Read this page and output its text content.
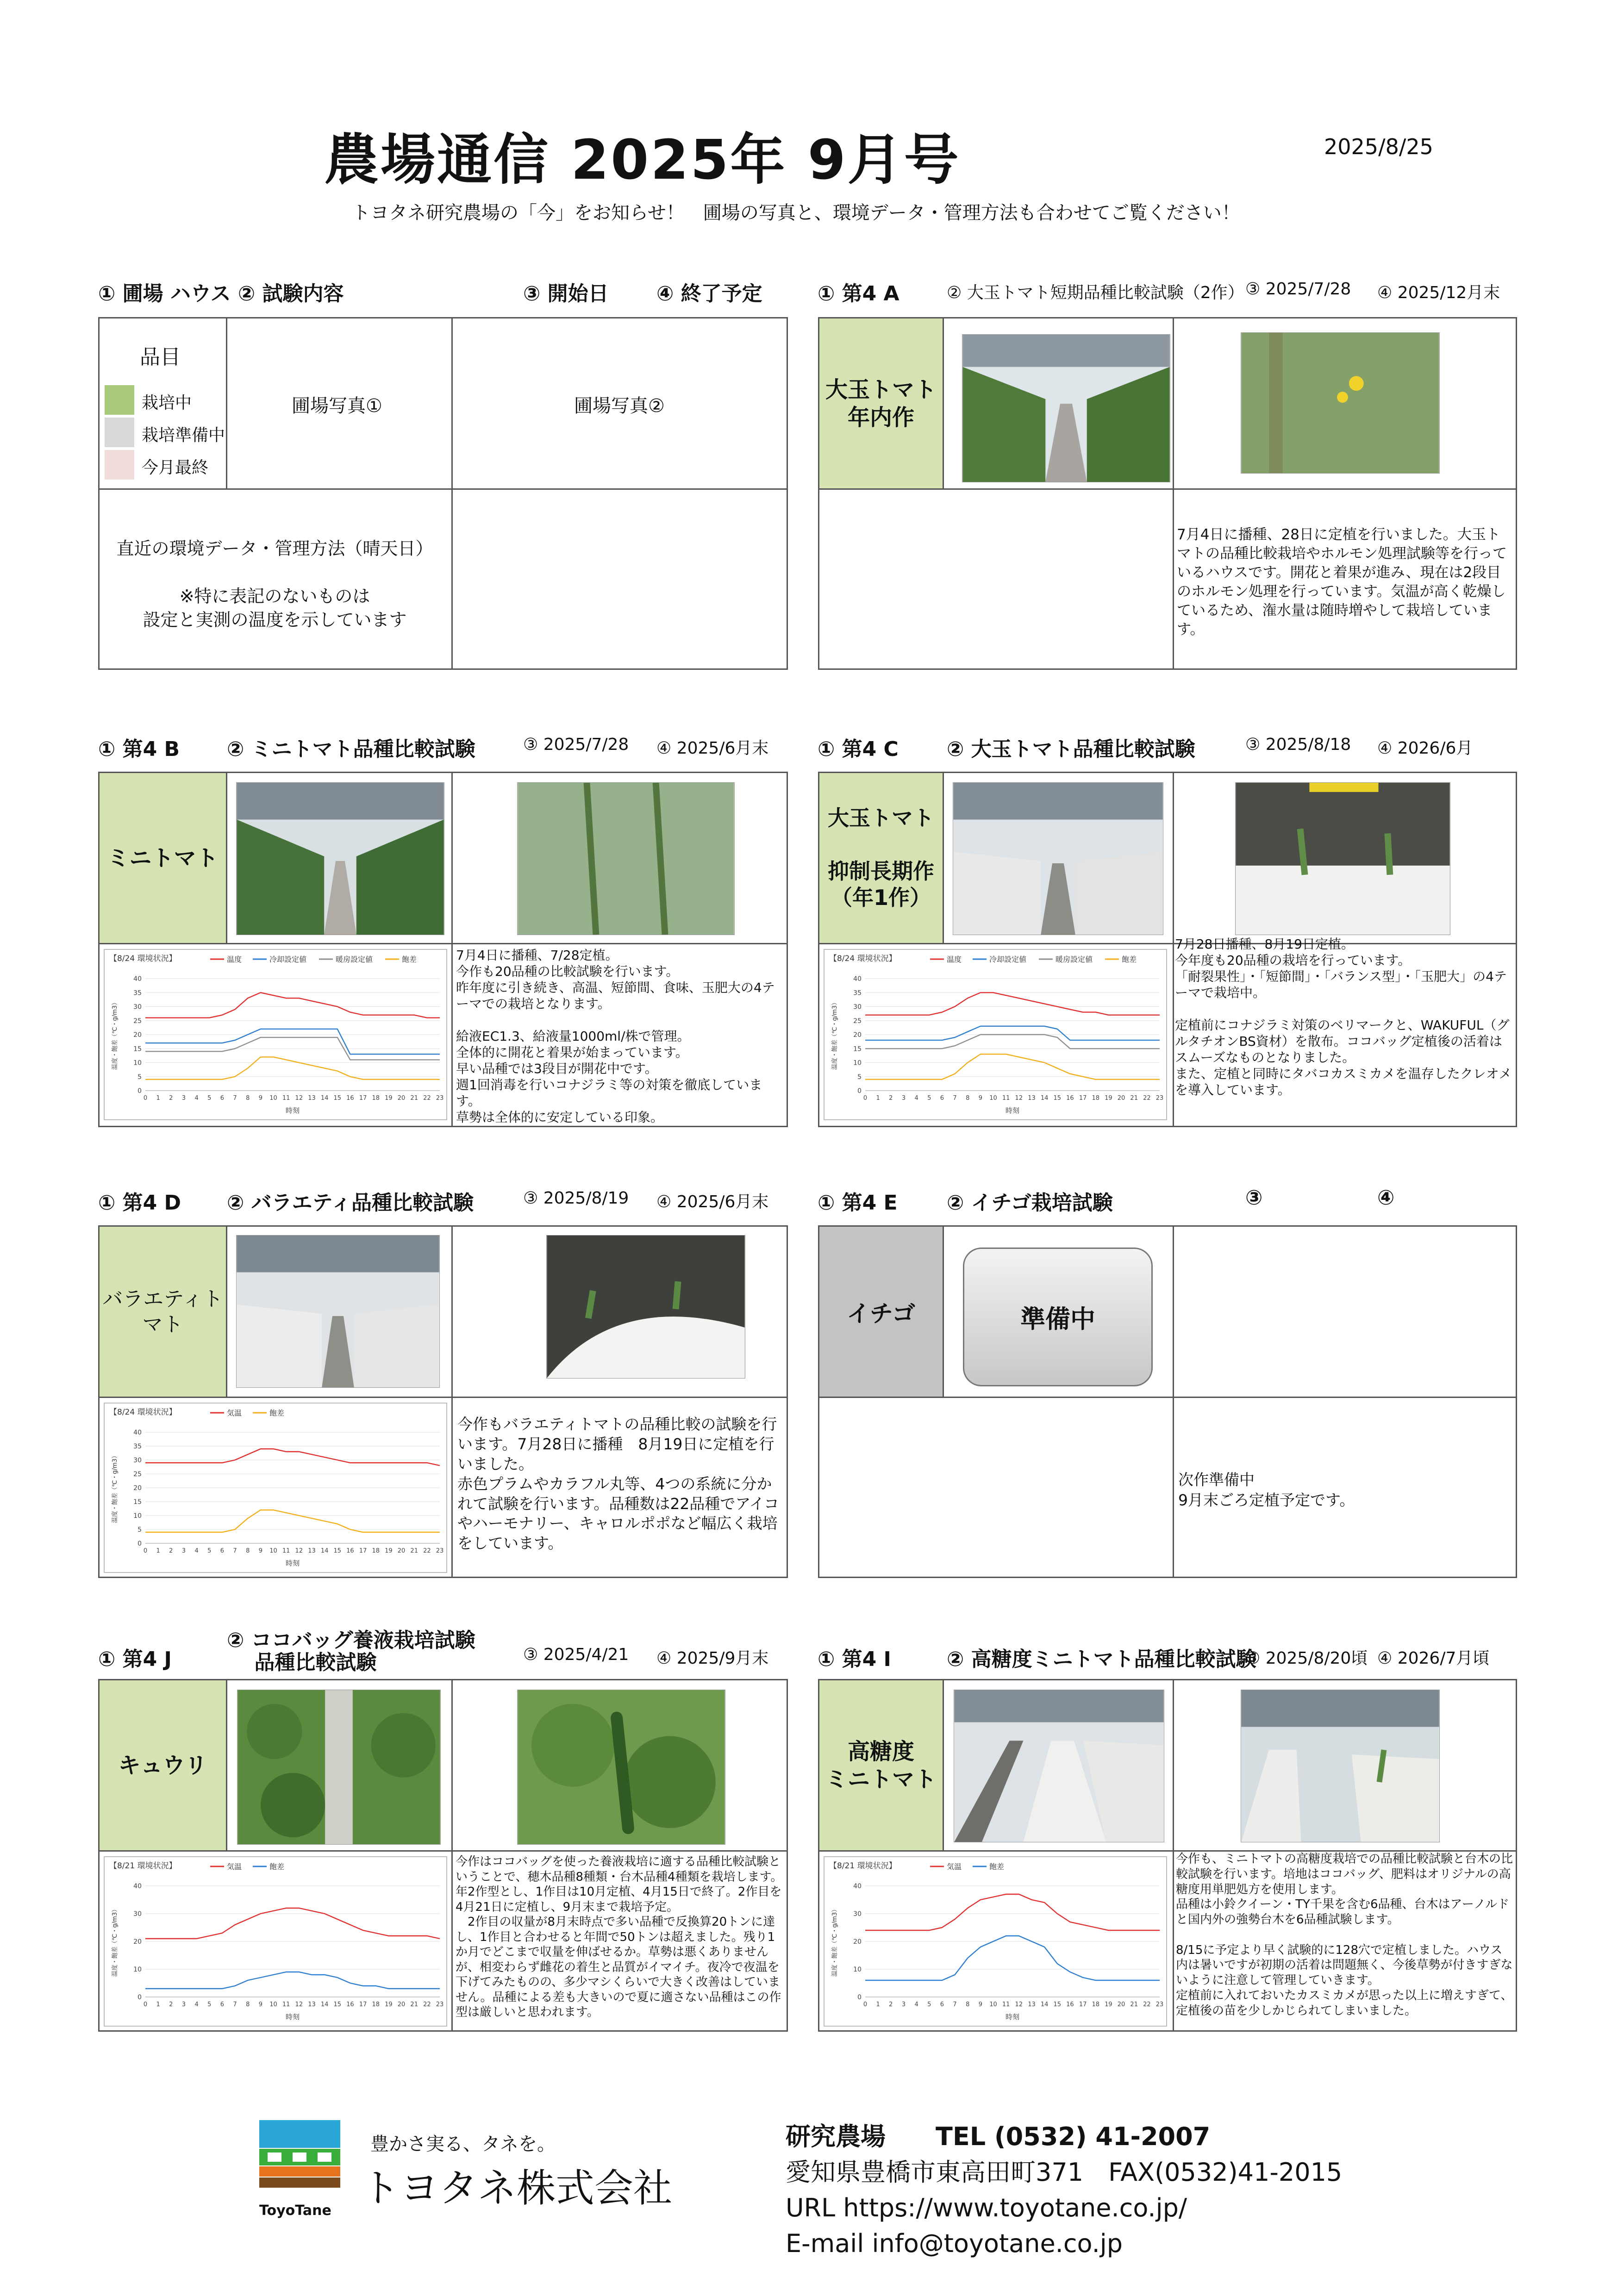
農場通信 2025年 9月号	2025/8/25
トヨタネ研究農場の「今」をお知らせ！　圃場の写真と、環境データ・管理方法も合わせてご覧ください！
① 圃場 ハウス ② 試験内容	③ 開始日 ④ 終了予定
品目
栽培中
栽培準備中
今月最終
圃場写真①	圃場写真②
直近の環境データ・管理方法（晴天日）

※特に表記のないものは
設定と実測の温度を示しています
① 第4 A	② 大玉トマト短期品種比較試験（2作） ③ 2025/7/28 ④ 2025/12月末
大玉トマト
年内作
7月4日に播種、28日に定植を行いました。大玉トマトの品種比較栽培やホルモン処理試験等を行っているハウスです。開花と着果が進み、現在は2段目のホルモン処理を行っています。気温が高く乾燥しているため、潅水量は随時増やして栽培しています。
① 第4 B ② ミニトマト品種比較試験	③ 2025/7/28 ④ 2025/6月末
ミニトマト
【8/24 環境状況】	温度	冷却設定値	暖房設定値	飽差
0
5
10
15
20
25
30
35
40
0 1 2 3 4 5 6 7 8 9 10 11 12 13 14 15 16 17 18 19 20 21 22 23
時刻
温度・飽差（℃・g/m3）
7月4日に播種、7/28定植。
今作も20品種の比較試験を行います。
昨年度に引き続き、高温、短節間、食味、玉肥大の4テーマでの栽培となります。

給液EC1.3、給液量1000ml/株で管理。
全体的に開花と着果が始まっています。
早い品種では3段目が開花中です。
週1回消毒を行いコナジラミ等の対策を徹底しています。
草勢は全体的に安定している印象。
① 第4 C ② 大玉トマト品種比較試験	③ 2025/8/18 ④ 2026/6月
大玉トマト

抑制長期作
（年1作）
【8/24 環境状況】	温度	冷却設定値	暖房設定値	飽差
0
5
10
15
20
25
30
35
40
0 1 2 3 4 5 6 7 8 9 10 11 12 13 14 15 16 17 18 19 20 21 22 23
時刻
温度・飽差（℃・g/m3）
7月28日播種、8月19日定植。
今年度も20品種の栽培を行っています。
「耐裂果性」・「短節間」・「バランス型」・「玉肥大」の4テーマで栽培中。

定植前にコナジラミ対策のベリマークと、WAKUFUL（グルタチオンBS資材）を散布。ココバッグ定植後の活着はスムーズなものとなりました。
また、定植と同時にタバコカスミカメを温存したクレオメを導入しています。
① 第4 D ② バラエティ品種比較試験	③ 2025/8/19 ④ 2025/6月末
バラエティト
マト
【8/24 環境状況】	気温	飽差
0
5
10
15
20
25
30
35
40
0 1 2 3 4 5 6 7 8 9 10 11 12 13 14 15 16 17 18 19 20 21 22 23
時刻
温度・飽差（℃・g/m3）
今作もバラエティトマトの品種比較の試験を行います。7月28日に播種　8月19日に定植を行いました。
赤色プラムやカラフル丸等、4つの系統に分かれて試験を行います。品種数は22品種でアイコやハーモナリー、キャロルポポなど幅広く栽培をしています。
① 第4 E ② イチゴ栽培試験	③	④
イチゴ	準備中
次作準備中
9月末ごろ定植予定です。
① 第4 J
② ココバッグ養液栽培試験
　 品種比較試験	③ 2025/4/21 ④ 2025/9月末
キュウリ
【8/21 環境状況】	気温	飽差
0
10
20
30
40
0 1 2 3 4 5 6 7 8 9 10 11 12 13 14 15 16 17 18 19 20 21 22 23
時刻
温度・飽差（℃・g/m3）
今作はココバッグを使った養液栽培に適する品種比較試験ということで、穂木品種8種類・台木品種4種類を栽培します。年2作型とし、1作目は10月定植、4月15日で終了。2作目を4月21日に定植し、9月末まで栽培予定。
　2作目の収量が8月末時点で多い品種で反換算20トンに達し、1作目と合わせると年間で50トンは超えました。残り1か月でどこまで収量を伸ばせるか。草勢は悪くありませんが、相変わらず雌花の着生と品質がイマイチ。夜冷で夜温を下げてみたものの、多少マシくらいで大きく改善はしていません。品種による差も大きいので夏に適さない品種はこの作型は厳しいと思われます。
① 第4 I	② 高糖度ミニトマト品種比較試験
③ 2025/8/20頃 ④ 2026/7月頃
高糖度
ミニトマト
【8/21 環境状況】	気温	飽差
0
10
20
30
40
0 1 2 3 4 5 6 7 8 9 10 11 12 13 14 15 16 17 18 19 20 21 22 23
時刻
温度・飽差（℃・g/m3）
今作も、ミニトマトの高糖度栽培での品種比較試験と台木の比較試験を行います。培地はココバッグ、肥料はオリジナルの高糖度用単肥処方を使用します。
品種は小鈴クイーン・TY千果を含む6品種、台木はアーノルドと国内外の強勢台木を6品種試験します。

8/15に予定より早く試験的に128穴で定植しました。ハウス内は暑いですが初期の活着は問題無く、今後草勢が付きすぎないように注意して管理していきます。
定植前に入れておいたカスミカメが思った以上に増えすぎて、定植後の苗を少しかじられてしまいました。
ToyoTane
豊かさ実る、タネを。
トヨタネ株式会社
研究農場　　TEL (0532) 41-2007
愛知県豊橋市東高田町371　FAX(0532)41-2015
URL https://www.toyotane.co.jp/
E-mail info@toyotane.co.jp
